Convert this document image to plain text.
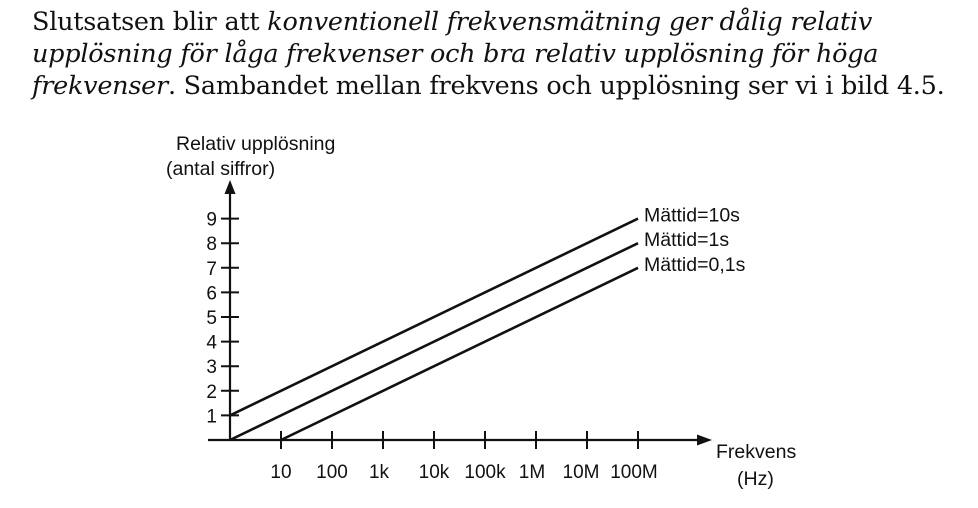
Slutsatsen blir att konventionell frekvensmätning ger dålig relativ
upplösning för låga frekvenser och bra relativ upplösning för höga
frekvenser. Sambandet mellan frekvens och upplösning ser vi i bild 4.5.
1
2
3
4
5
6
7
8
9
10 100 1k 10k 100k 1M 10M 100M
Relativ upplösning
(antal siffror)
Frekvens
(Hz)
Mättid=10s
Mättid=1s
Mättid=0,1s
